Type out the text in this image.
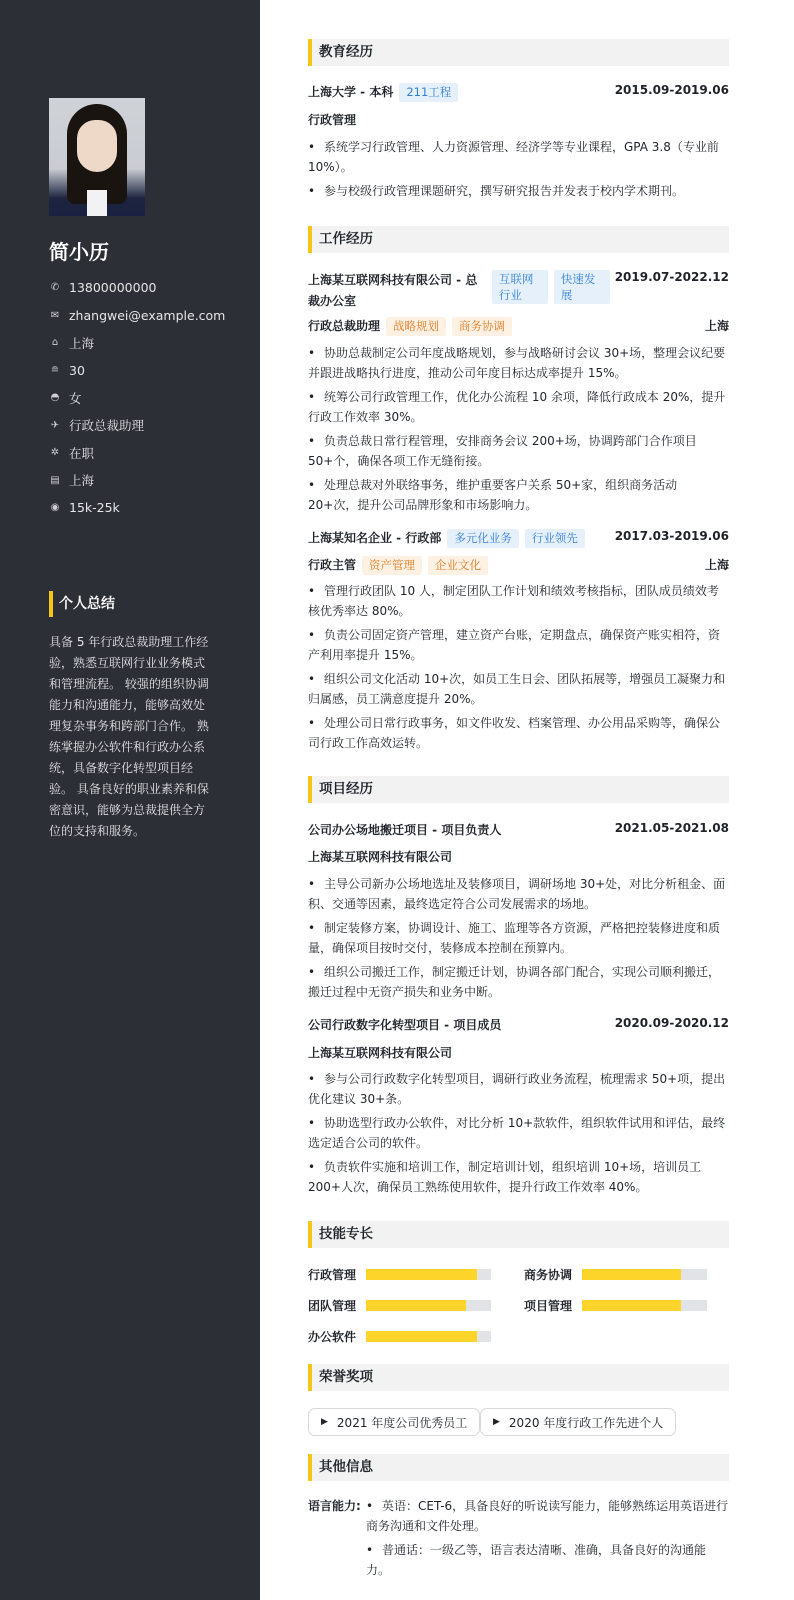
简小历
✆ 13800000000
✉ zhangwei@example.com
⌂ 上海
≘ 30
◓ 女
✈ 行政总裁助理
✲ 在职
▤ 上海
◉ 15k-25k
个人总结
具备 5 年行政总裁助理工作经验，熟悉互联网行业业务模式和管理流程。 较强的组织协调能力和沟通能力，能够高效处理复杂事务和跨部门合作。 熟练掌握办公软件和行政办公系统，具备数字化转型项目经验。 具备良好的职业素养和保密意识，能够为总裁提供全方位的支持和服务。
教育经历
上海大学 - 本科 211工程	2015.09-2019.06
行政管理
• 系统学习行政管理、人力资源管理、经济学等专业课程，GPA 3.8（专业前 10%）。
• 参与校级行政管理课题研究，撰写研究报告并发表于校内学术期刊。
工作经历
上海某互联网科技有限公司 - 总裁办公室
互联网行业
快速发展
2019.07-2022.12
行政总裁助理 战略规划 商务协调	上海
• 协助总裁制定公司年度战略规划，参与战略研讨会议 30+场，整理会议纪要并跟进战略执行进度，推动公司年度目标达成率提升 15%。
• 统筹公司行政管理工作，优化办公流程 10 余项，降低行政成本 20%，提升行政工作效率 30%。
• 负责总裁日常行程管理，安排商务会议 200+场，协调跨部门合作项目 50+个，确保各项工作无缝衔接。
• 处理总裁对外联络事务，维护重要客户关系 50+家，组织商务活动 20+次，提升公司品牌形象和市场影响力。
上海某知名企业 - 行政部 多元化业务 行业领先	2017.03-2019.06
行政主管 资产管理 企业文化	上海
• 管理行政团队 10 人，制定团队工作计划和绩效考核指标，团队成员绩效考核优秀率达 80%。
• 负责公司固定资产管理，建立资产台账，定期盘点，确保资产账实相符，资产利用率提升 15%。
• 组织公司文化活动 10+次，如员工生日会、团队拓展等，增强员工凝聚力和归属感，员工满意度提升 20%。
• 处理公司日常行政事务，如文件收发、档案管理、办公用品采购等，确保公司行政工作高效运转。
项目经历
公司办公场地搬迁项目 - 项目负责人	2021.05-2021.08
上海某互联网科技有限公司
• 主导公司新办公场地选址及装修项目，调研场地 30+处，对比分析租金、面积、交通等因素，最终选定符合公司发展需求的场地。
• 制定装修方案，协调设计、施工、监理等各方资源，严格把控装修进度和质量，确保项目按时交付，装修成本控制在预算内。
• 组织公司搬迁工作，制定搬迁计划，协调各部门配合，实现公司顺利搬迁，搬迁过程中无资产损失和业务中断。
公司行政数字化转型项目 - 项目成员	2020.09-2020.12
上海某互联网科技有限公司
• 参与公司行政数字化转型项目，调研行政业务流程，梳理需求 50+项，提出优化建议 30+条。
• 协助选型行政办公软件，对比分析 10+款软件，组织软件试用和评估，最终选定适合公司的软件。
• 负责软件实施和培训工作，制定培训计划，组织培训 10+场，培训员工 200+人次，确保员工熟练使用软件，提升行政工作效率 40%。
技能专长
行政管理	商务协调
团队管理	项目管理
办公软件
荣誉奖项
▶ 2021 年度公司优秀员工	▶ 2020 年度行政工作先进个人
其他信息
语言能力: • 英语：CET-6，具备良好的听说读写能力，能够熟练运用英语进行商务沟通和文件处理。
• 普通话：一级乙等，语言表达清晰、准确，具备良好的沟通能力。
